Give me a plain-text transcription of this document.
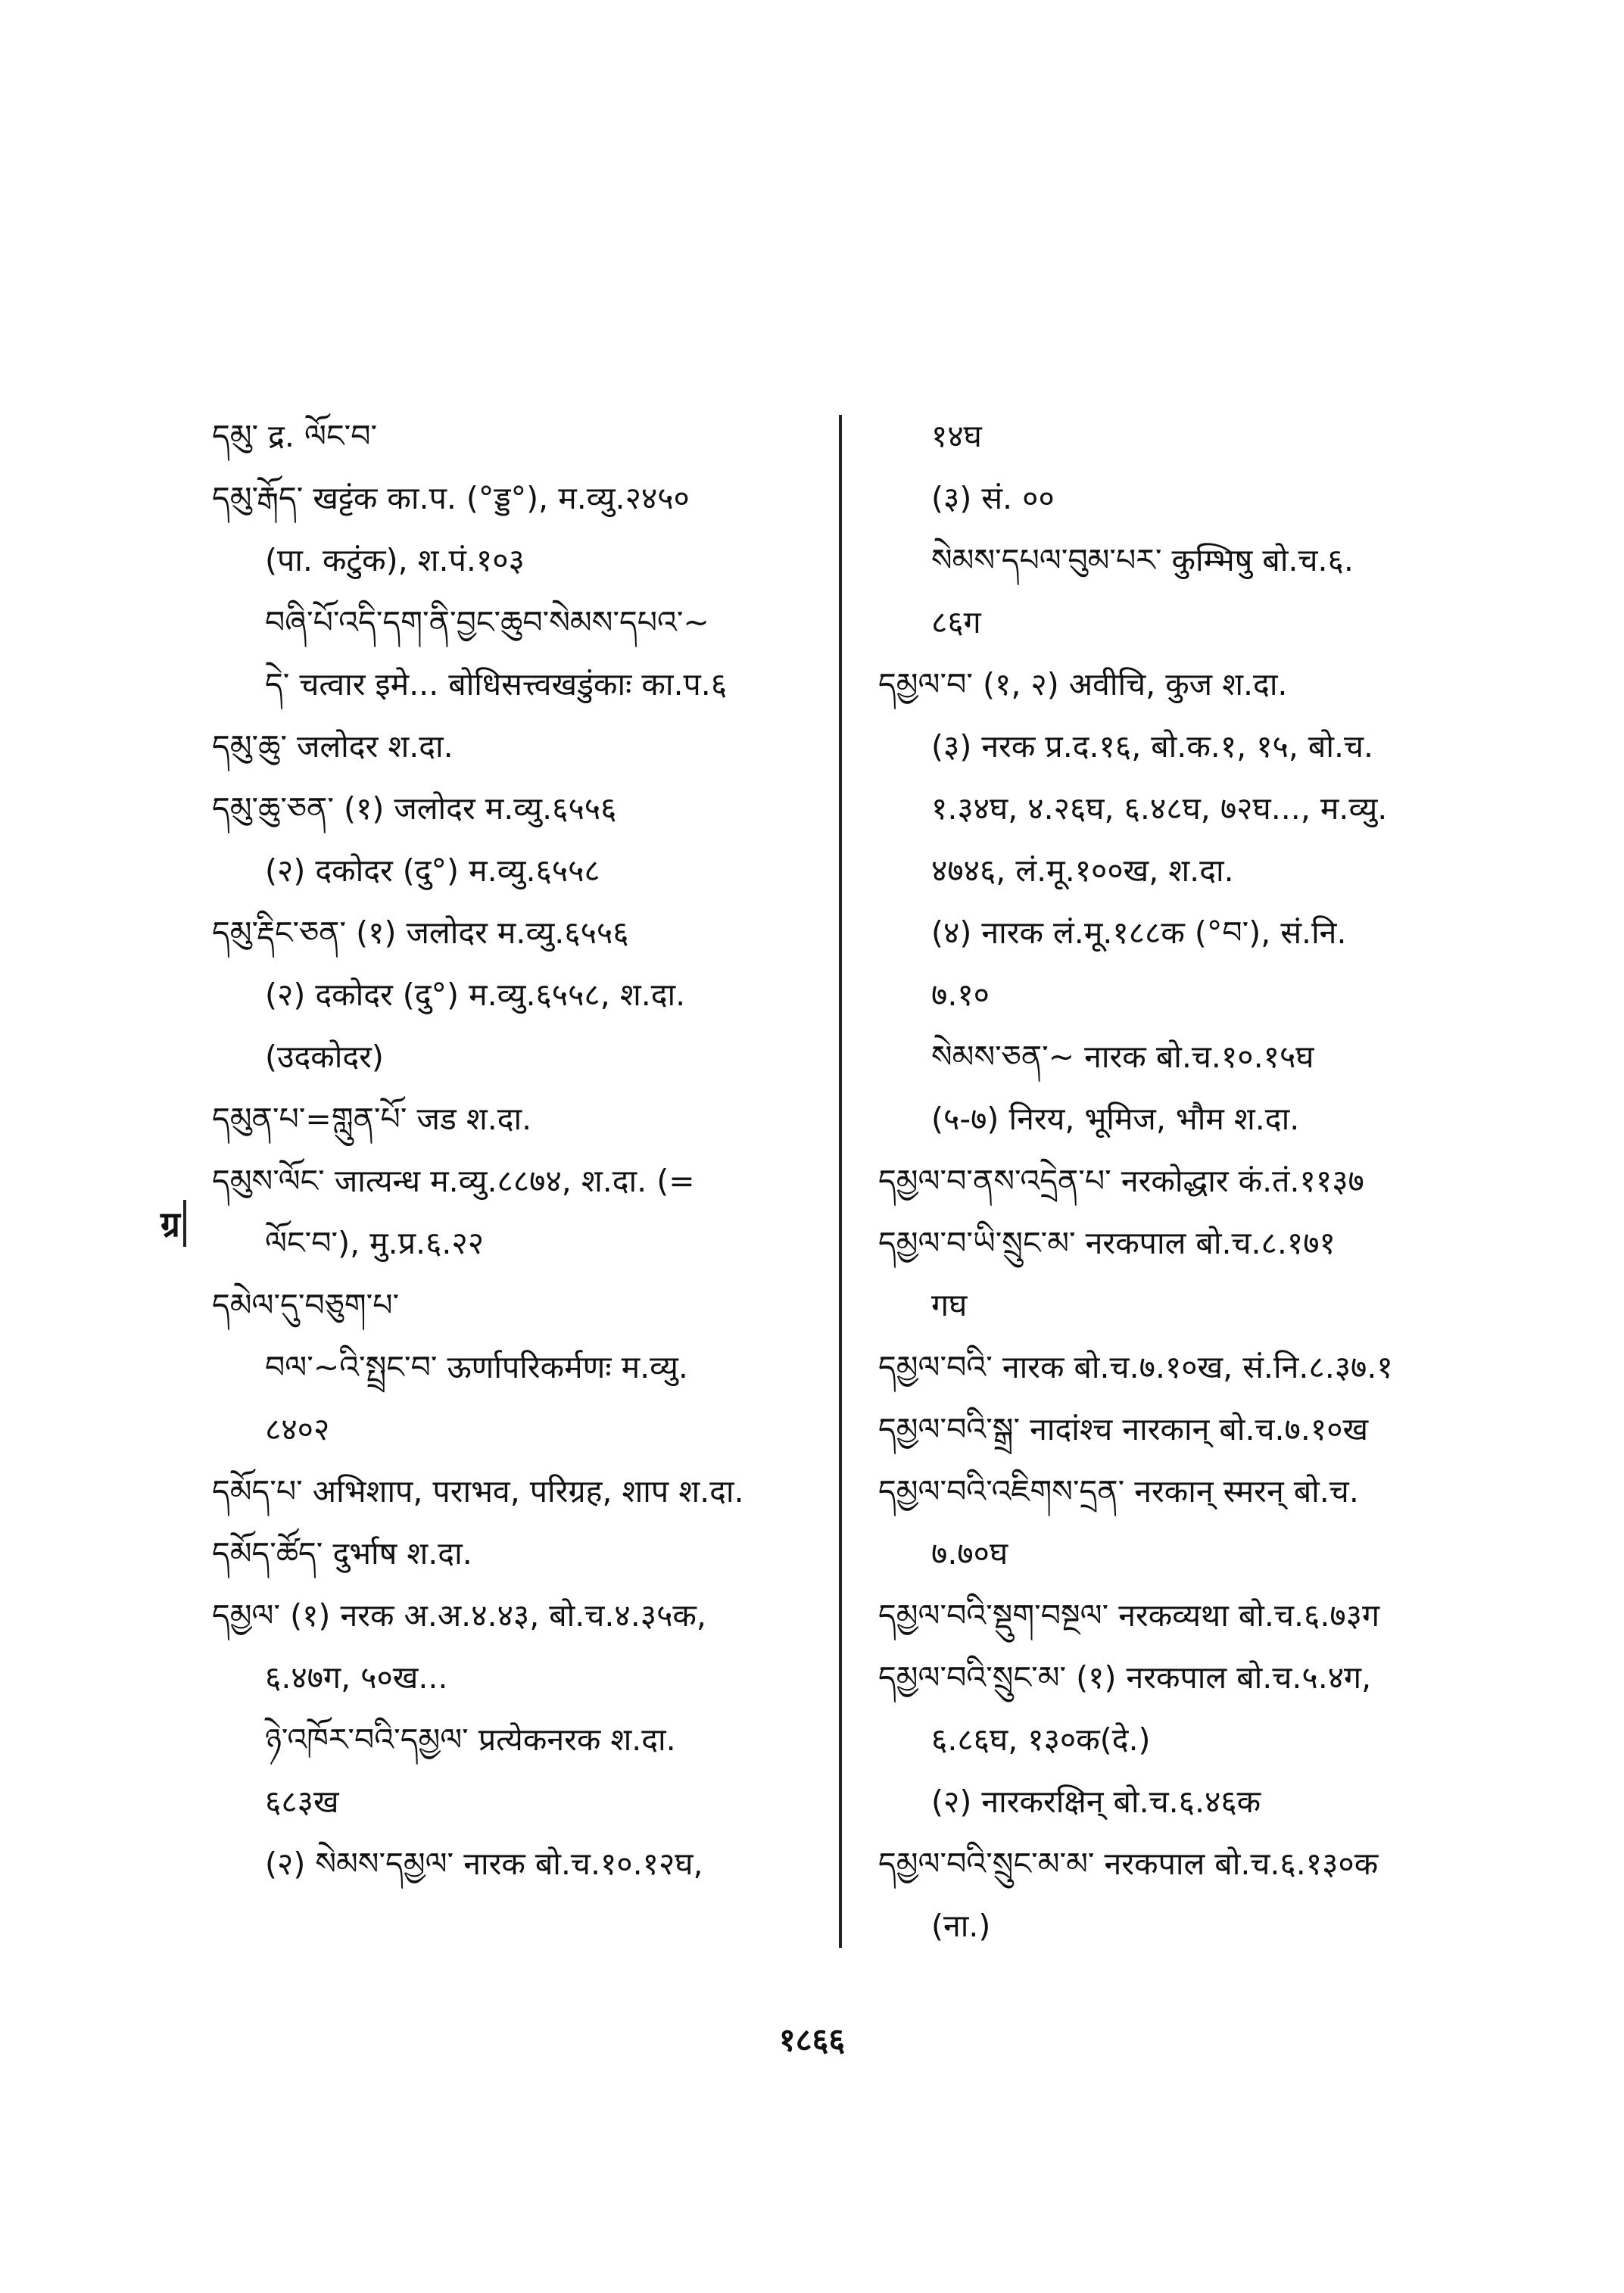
ग्र
དམུ་ द्र. ལོང་བ་
དམུ་རྒོད་ खट्टंक का.प. (°ड्ड°), म.व्यु.२४५०
(पा. कटुंक), श.पं.१०३
བཞི་པོ་འདི་དག་ནི་བྱང་ཆུབ་སེམས་དཔའ་~
དེ་ चत्वार इमे... बोधिसत्त्वखडुंकाः का.प.६
དམུ་ཆུ་ जलोदर श.दा.
དམུ་ཆུ་ཅན་ (१) जलोदर म.व्यु.६५५६
(२) दकोदर (दु°) म.व्यु.६५५८
དམུ་རྡིང་ཅན་ (१) जलोदर म.व्यु.६५५६
(२) दकोदर (दु°) म.व्यु.६५५८, श.दा.
(उदकोदर)
དམུན་པ་=གླུན་པོ་ जड श.दा.
དམུས་ལོང་ जात्यन्ध म.व्यु.८८७४, श.दा. (=
ལོང་བ་), मु.प्र.६.२२
དམེལ་དུ་བཅུག་པ་
བལ་~འི་སྤྲང་བ་ ऊर्णापरिकर्मणः म.व्यु.
८४०२
དམོད་པ་ अभिशाप, पराभव, परिग्रह, शाप श.दा.
དམོད་ཚོད་ दुर्भाष श.दा.
དམྱལ་ (१) नरक अ.अ.४.४३, बो.च.४.३५क,
६.४७ग, ५०ख...
ཉེ་འཁོར་བའི་དམྱལ་ प्रत्येकनरक श.दा.
६८३ख
(२) སེམས་དམྱལ་ नारक बो.च.१०.१२घ,
१४घ
(३) सं. ००
སེམས་དཔལ་བུམ་པར་ कुम्भिषु बो.च.६.
८६ग
དམྱལ་བ་ (१, २) अवीचि, कुज श.दा.
(३) नरक प्र.द.१६, बो.क.१, १५, बो.च.
१.३४घ, ४.२६घ, ६.४८घ, ७२घ..., म.व्यु.
४७४६, लं.मू.१००ख, श.दा.
(४) नारक लं.मू.१८८क (°བ་), सं.नि.
७.१०
སེམས་ཅན་~ नारक बो.च.१०.१५घ
(५-७) निरय, भूमिज, भौम श.दा.
དམྱལ་བ་ནས་འདྲེན་པ་ नरकोद्धार कं.तं.११३७
དམྱལ་བ་ཡི་སྲུང་མ་ नरकपाल बो.च.८.१७१
गघ
དམྱལ་བའི་ नारक बो.च.७.१०ख, सं.नि.८.३७.१
དམྱལ་བའི་སྒྲ་ नादांश्च नारकान् बो.च.७.१०ख
དམྱལ་བའི་འཇིགས་དྲན་ नरकान् स्मरन् बो.च.
७.७०घ
དམྱལ་བའི་སྡུག་བསྔལ་ नरकव्यथा बो.च.६.७३ग
དམྱལ་བའི་སྲུང་མ་ (१) नरकपाल बो.च.५.४ग,
६.८६घ, १३०क(दे.)
(२) नारकरक्षिन् बो.च.६.४६क
དམྱལ་བའི་སྲུང་མ་མ་ नरकपाल बो.च.६.१३०क
(ना.)
१८६६
